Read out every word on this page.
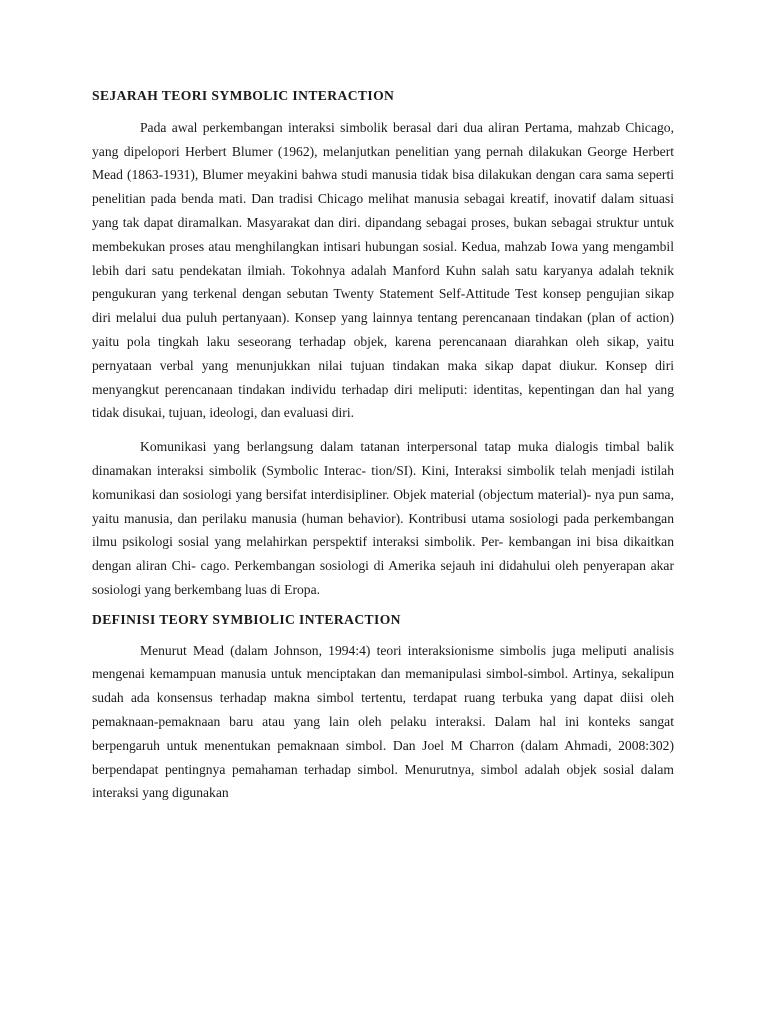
SEJARAH TEORI SYMBOLIC INTERACTION

Pada awal perkembangan interaksi simbolik berasal dari dua aliran Pertama, mahzab Chicago, yang dipelopori Herbert Blumer (1962), melanjutkan penelitian yang pernah dilakukan George Herbert Mead (1863-1931), Blumer meyakini bahwa studi manusia tidak bisa dilakukan dengan cara sama seperti penelitian pada benda mati. Dan tradisi Chicago melihat manusia sebagai kreatif, inovatif dalam situasi yang tak dapat diramalkan. Masyarakat dan diri. dipandang sebagai proses, bukan sebagai struktur untuk membekukan proses atau menghilangkan intisari hubungan sosial. Kedua, mahzab Iowa yang mengambil lebih dari satu pendekatan ilmiah. Tokohnya adalah Manford Kuhn salah satu karyanya adalah teknik pengukuran yang terkenal dengan sebutan Twenty Statement Self-Attitude Test konsep pengujian sikap diri melalui dua puluh pertanyaan). Konsep yang lainnya tentang perencanaan tindakan (plan of action) yaitu pola tingkah laku seseorang terhadap objek, karena perencanaan diarahkan oleh sikap, yaitu pernyataan verbal yang menunjukkan nilai tujuan tindakan maka sikap dapat diukur. Konsep diri menyangkut perencanaan tindakan individu terhadap diri meliputi: identitas, kepentingan dan hal yang tidak disukai, tujuan, ideologi, dan evaluasi diri.

Komunikasi yang berlangsung dalam tatanan interpersonal tatap muka dialogis timbal balik dinamakan interaksi simbolik (Symbolic Interac- tion/SI). Kini, Interaksi simbolik telah menjadi istilah komunikasi dan sosiologi yang bersifat interdisipliner. Objek material (objectum material)- nya pun sama, yaitu manusia, dan perilaku manusia (human behavior). Kontribusi utama sosiologi pada perkembangan ilmu psikologi sosial yang melahirkan perspektif interaksi simbolik. Per- kembangan ini bisa dikaitkan dengan aliran Chi- cago. Perkembangan sosiologi di Amerika sejauh ini didahului oleh penyerapan akar sosiologi yang berkembang luas di Eropa.

DEFINISI TEORY SYMBIOLIC INTERACTION

Menurut Mead (dalam Johnson, 1994:4) teori interaksionisme simbolis juga meliputi analisis mengenai kemampuan manusia untuk menciptakan dan memanipulasi simbol-simbol. Artinya, sekalipun sudah ada konsensus terhadap makna simbol tertentu, terdapat ruang terbuka yang dapat diisi oleh pemaknaan-pemaknaan baru atau yang lain oleh pelaku interaksi. Dalam hal ini konteks sangat berpengaruh untuk menentukan pemaknaan simbol. Dan Joel M Charron (dalam Ahmadi, 2008:302) berpendapat pentingnya pemahaman terhadap simbol. Menurutnya, simbol adalah objek sosial dalam interaksi yang digunakan
